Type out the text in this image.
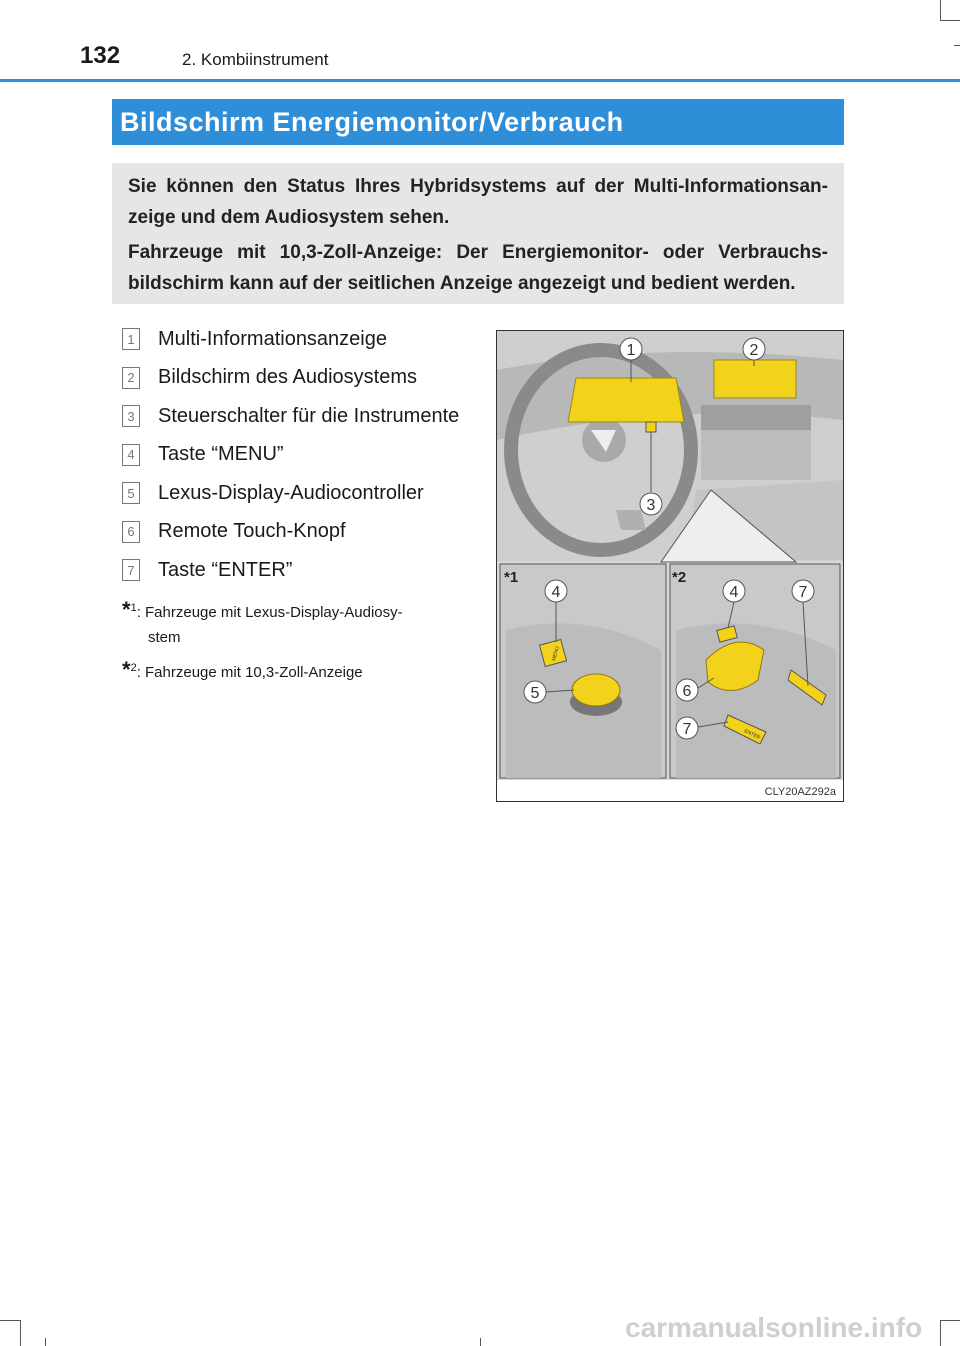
132	2. Kombiinstrument
Bildschirm Energiemonitor/Verbrauch

Sie können den Status Ihres Hybridsystems auf der Multi-Informationsan-zeige und dem Audiosystem sehen.

Fahrzeuge mit 10,3-Zoll-Anzeige: Der Energiemonitor- oder Verbrauchs-bildschirm kann auf der seitlichen Anzeige angezeigt und bedient werden.

1 Multi-Informationsanzeige
2 Bildschirm des Audiosystems
3 Steuerschalter für die Instrumente
4 Taste “MENU”
5 Lexus-Display-Audiocontroller
6 Remote Touch-Knopf
7 Taste “ENTER”
*$^1$: Fahrzeuge mit Lexus-Display-Audiosy-
stem
*$^2$: Fahrzeuge mit 10,3-Zoll-Anzeige
1	2
3
*1	*2
MENU
4
5
ENTER
4	7
6
7
CLY20AZ292a
carmanualsonline.info
